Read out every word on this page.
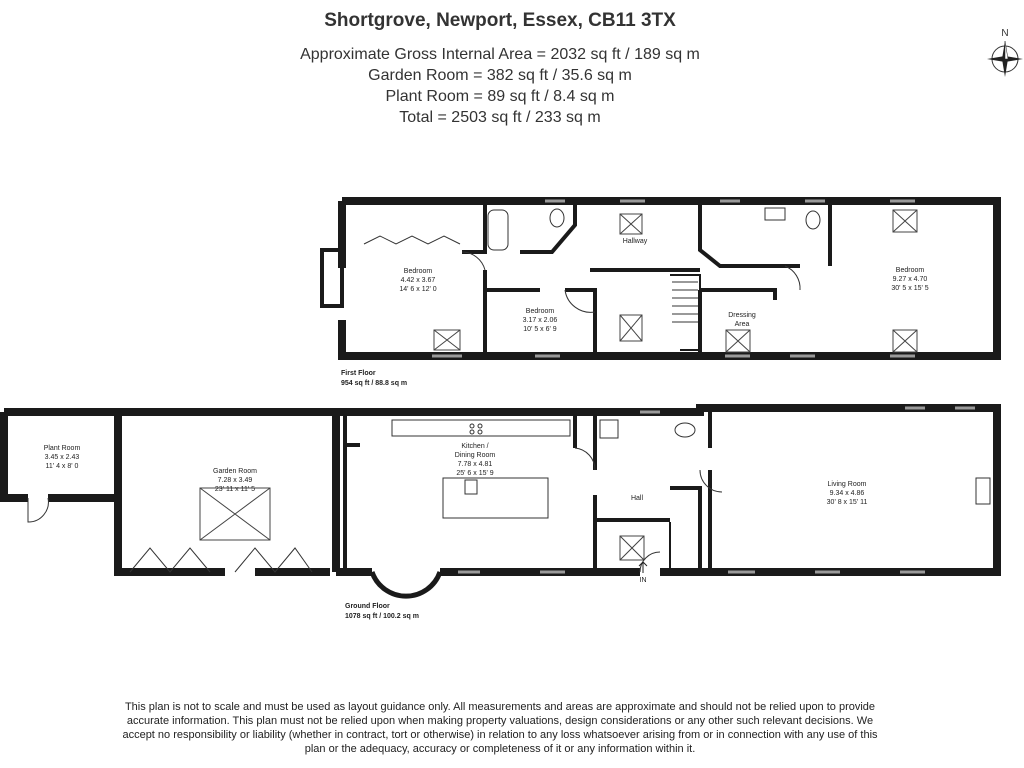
Shortgrove, Newport, Essex, CB11 3TX
Approximate Gross Internal Area = 2032 sq ft / 189 sq m
Garden Room = 382 sq ft / 35.6 sq m
Plant Room = 89 sq ft / 8.4 sq m
Total = 2503 sq ft / 233 sq m
N
Bedroom
4.42 x 3.67
14' 6 x 12' 0
Hallway
Bedroom
3.17 x 2.06
10' 5 x 6' 9
Dressing
Area
Bedroom
9.27 x 4.70
30' 5 x 15' 5
First Floor
954 sq ft / 88.8 sq m
Ground Floor
1078 sq ft / 100.2 sq m
Plant Room
3.45 x 2.43
11' 4 x 8' 0
Garden Room
7.28 x 3.49
23' 11 x 11' 5
Kitchen /
Dining Room
7.78 x 4.81
25' 6 x 15' 9
Hall
Living Room
9.34 x 4.86
30' 8 x 15' 11
IN
This plan is not to scale and must be used as layout guidance only. All measurements and areas are approximate and should not be relied upon to provide accurate information. This plan must not be relied upon when making property valuations, design considerations or any other such relevant decisions. We accept no responsibility or liability (whether in contract, tort or otherwise) in relation to any loss whatsoever arising from or in connection with any use of this plan or the adequacy, accuracy or completeness of it or any information within it.
